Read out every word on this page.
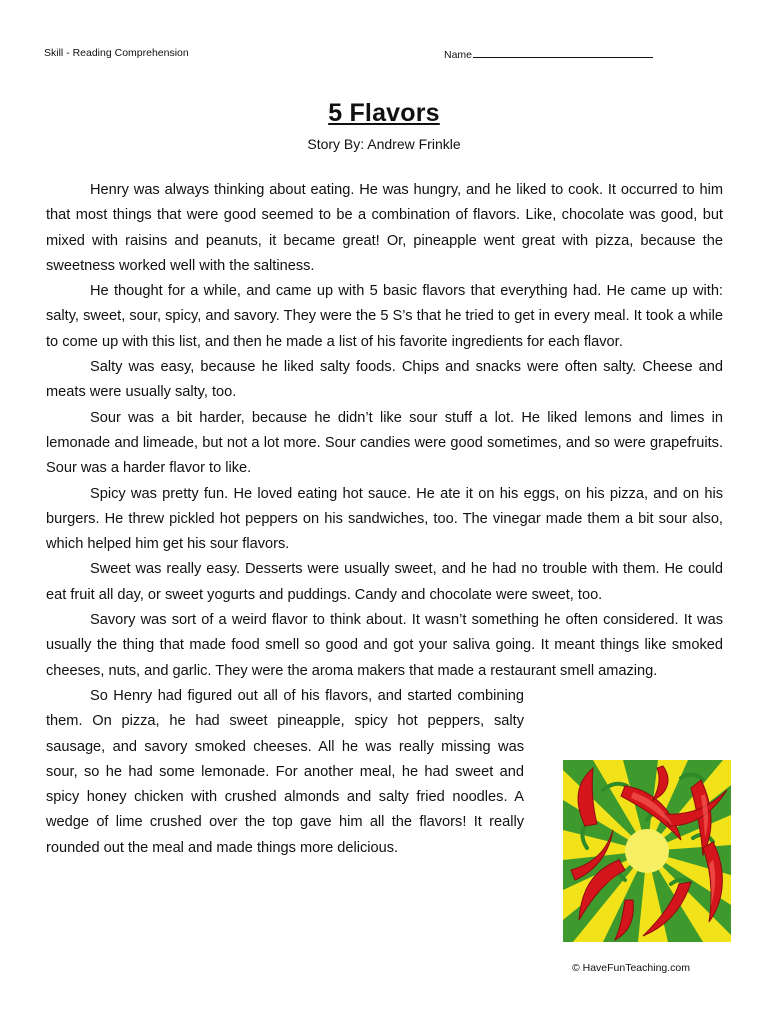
Skill - Reading Comprehension	Name
5 Flavors
Story By: Andrew Frinkle

Henry was always thinking about eating. He was hungry, and he liked to cook. It occurred to him that most things that were good seemed to be a combination of flavors. Like, chocolate was good, but mixed with raisins and peanuts, it became great! Or, pineapple went great with pizza, because the sweetness worked well with the saltiness.

He thought for a while, and came up with 5 basic flavors that everything had. He came up with: salty, sweet, sour, spicy, and savory. They were the 5 S’s that he tried to get in every meal. It took a while to come up with this list, and then he made a list of his favorite ingredients for each flavor.

Salty was easy, because he liked salty foods. Chips and snacks were often salty. Cheese and meats were usually salty, too.

Sour was a bit harder, because he didn’t like sour stuff a lot. He liked lemons and limes in lemonade and limeade, but not a lot more. Sour candies were good sometimes, and so were grapefruits. Sour was a harder flavor to like.

Spicy was pretty fun. He loved eating hot sauce. He ate it on his eggs, on his pizza, and on his burgers. He threw pickled hot peppers on his sandwiches, too. The vinegar made them a bit sour also, which helped him get his sour flavors.

Sweet was really easy. Desserts were usually sweet, and he had no trouble with them. He could eat fruit all day, or sweet yogurts and puddings. Candy and chocolate were sweet, too.

Savory was sort of a weird flavor to think about. It wasn’t something he often considered. It was usually the thing that made food smell so good and got your saliva going. It meant things like smoked cheeses, nuts, and garlic. They were the aroma makers that made a restaurant smell amazing.

So Henry had figured out all of his flavors, and started combining them. On pizza, he had sweet pineapple, spicy hot peppers, salty sausage, and savory smoked cheeses. All he was really missing was sour, so he had some lemonade. For another meal, he had sweet and spicy honey chicken with crushed almonds and salty fried noodles. A wedge of lime crushed over the top gave him all the flavors! It really rounded out the meal and made things more delicious.

© HaveFunTeaching.com
